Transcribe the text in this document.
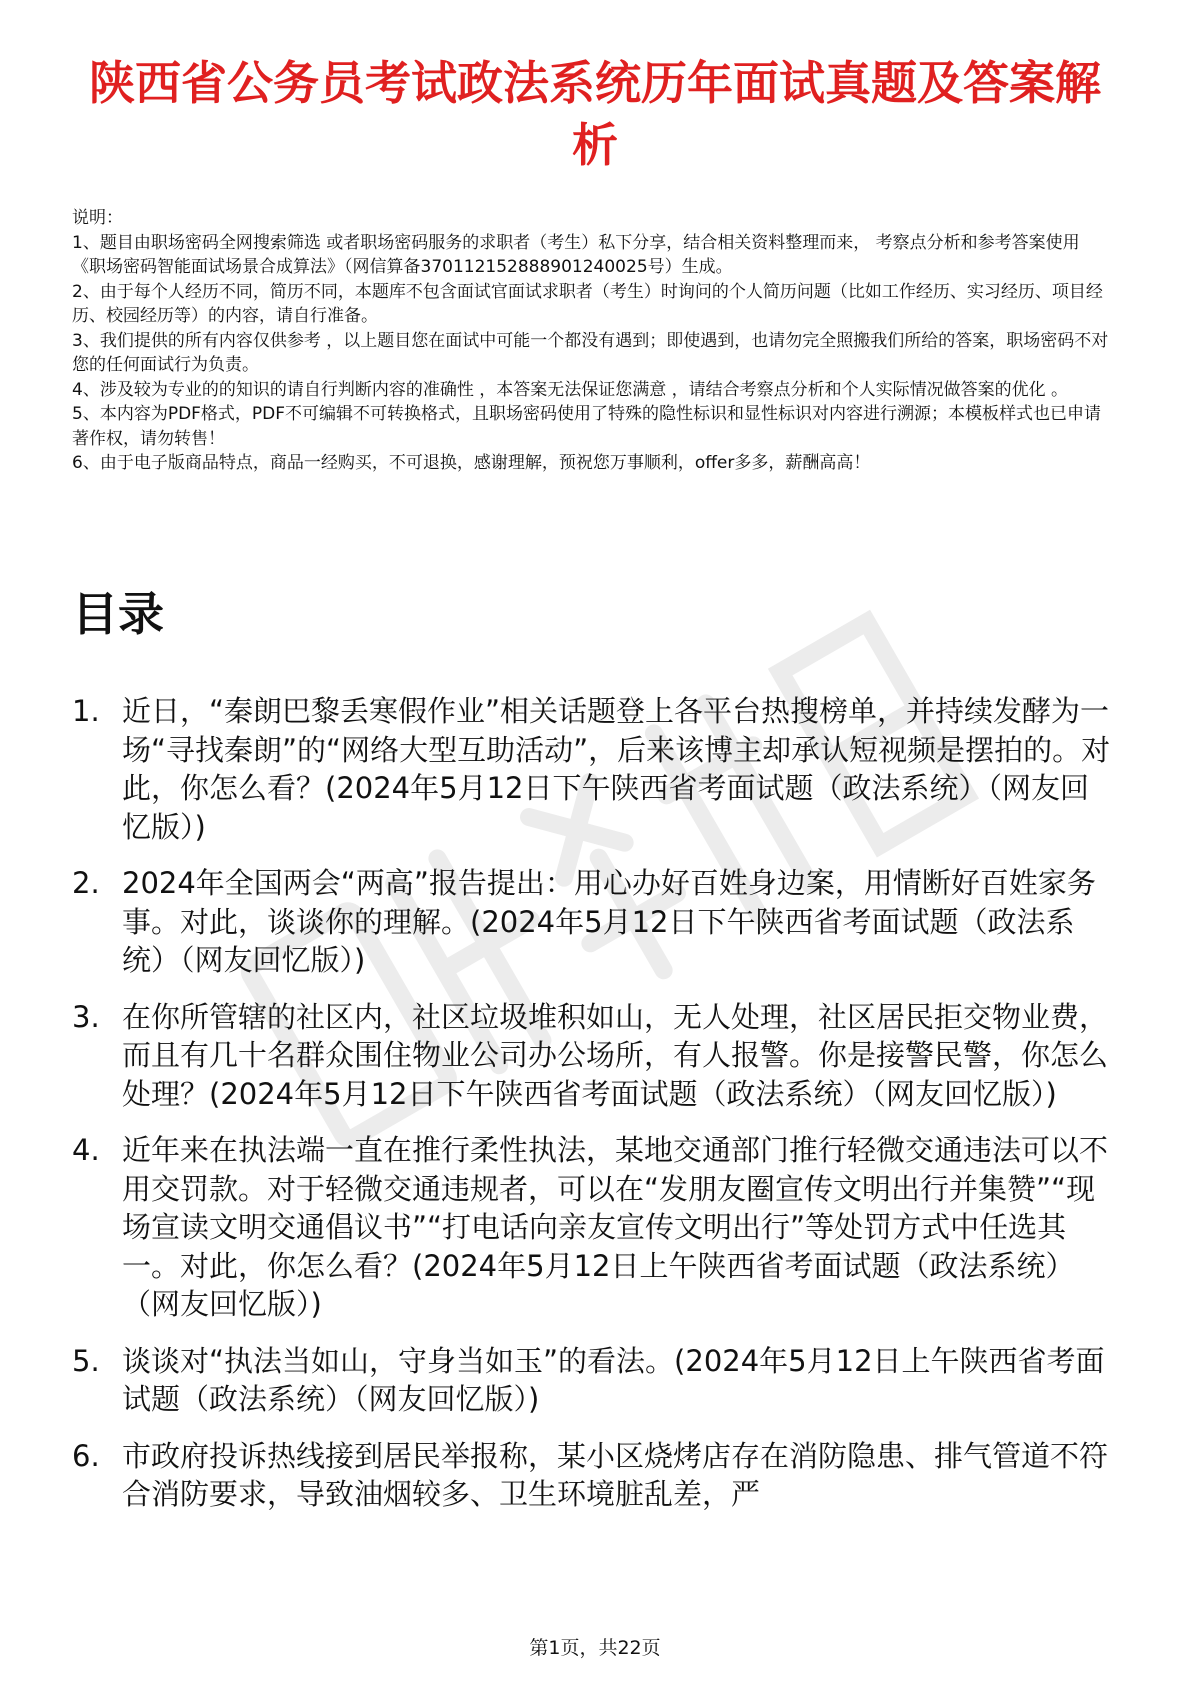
陕西省公务员考试政法系统历年面试真题及答案解析
说明：
1、题目由职场密码全网搜索筛选 或者职场密码服务的求职者（考生）私下分享，结合相关资料整理而来， 考察点分析和参考答案使用《职场密码智能面试场景合成算法》（网信算备370112152888901240025号）生成。
2、由于每个人经历不同，简历不同，本题库不包含面试官面试求职者（考生）时询问的个人简历问题（比如工作经历、实习经历、项目经历、校园经历等）的内容，请自行准备。
3、我们提供的所有内容仅供参考 ，以上题目您在面试中可能一个都没有遇到；即使遇到，也请勿完全照搬我们所给的答案，职场密码不对您的任何面试行为负责。
4、涉及较为专业的的知识的请自行判断内容的准确性 ，本答案无法保证您满意 ，请结合考察点分析和个人实际情况做答案的优化 。
5、本内容为PDF格式，PDF不可编辑不可转换格式，且职场密码使用了特殊的隐性标识和显性标识对内容进行溯源；本模板样式也已申请著作权，请勿转售！
6、由于电子版商品特点，商品一经购买，不可退换，感谢理解，预祝您万事顺利，offer多多，薪酬高高！
目录
1. 近日，“秦朗巴黎丢寒假作业”相关话题登上各平台热搜榜单，并持续发酵为一场“寻找秦朗”的“网络大型互助活动”，后来该博主却承认短视频是摆拍的。对此，你怎么看？(2024年5月12日下午陕西省考面试题（政法系统）（网友回忆版）)
2. 2024年全国两会“两高”报告提出：用心办好百姓身边案，用情断好百姓家务事。对此，谈谈你的理解。(2024年5月12日下午陕西省考面试题（政法系统）（网友回忆版）)
3. 在你所管辖的社区内，社区垃圾堆积如山，无人处理，社区居民拒交物业费，而且有几十名群众围住物业公司办公场所，有人报警。你是接警民警，你怎么处理？(2024年5月12日下午陕西省考面试题（政法系统）（网友回忆版）)
4. 近年来在执法端一直在推行柔性执法，某地交通部门推行轻微交通违法可以不用交罚款。对于轻微交通违规者，可以在“发朋友圈宣传文明出行并集赞”“现场宣读文明交通倡议书”“打电话向亲友宣传文明出行”等处罚方式中任选其一。对此，你怎么看？(2024年5月12日上午陕西省考面试题（政法系统）（网友回忆版）)
5. 谈谈对“执法当如山，守身当如玉”的看法。(2024年5月12日上午陕西省考面试题（政法系统）（网友回忆版）)
6. 市政府投诉热线接到居民举报称，某小区烧烤店存在消防隐患、排气管道不符合消防要求，导致油烟较多、卫生环境脏乱差，严
第1页，共22页
